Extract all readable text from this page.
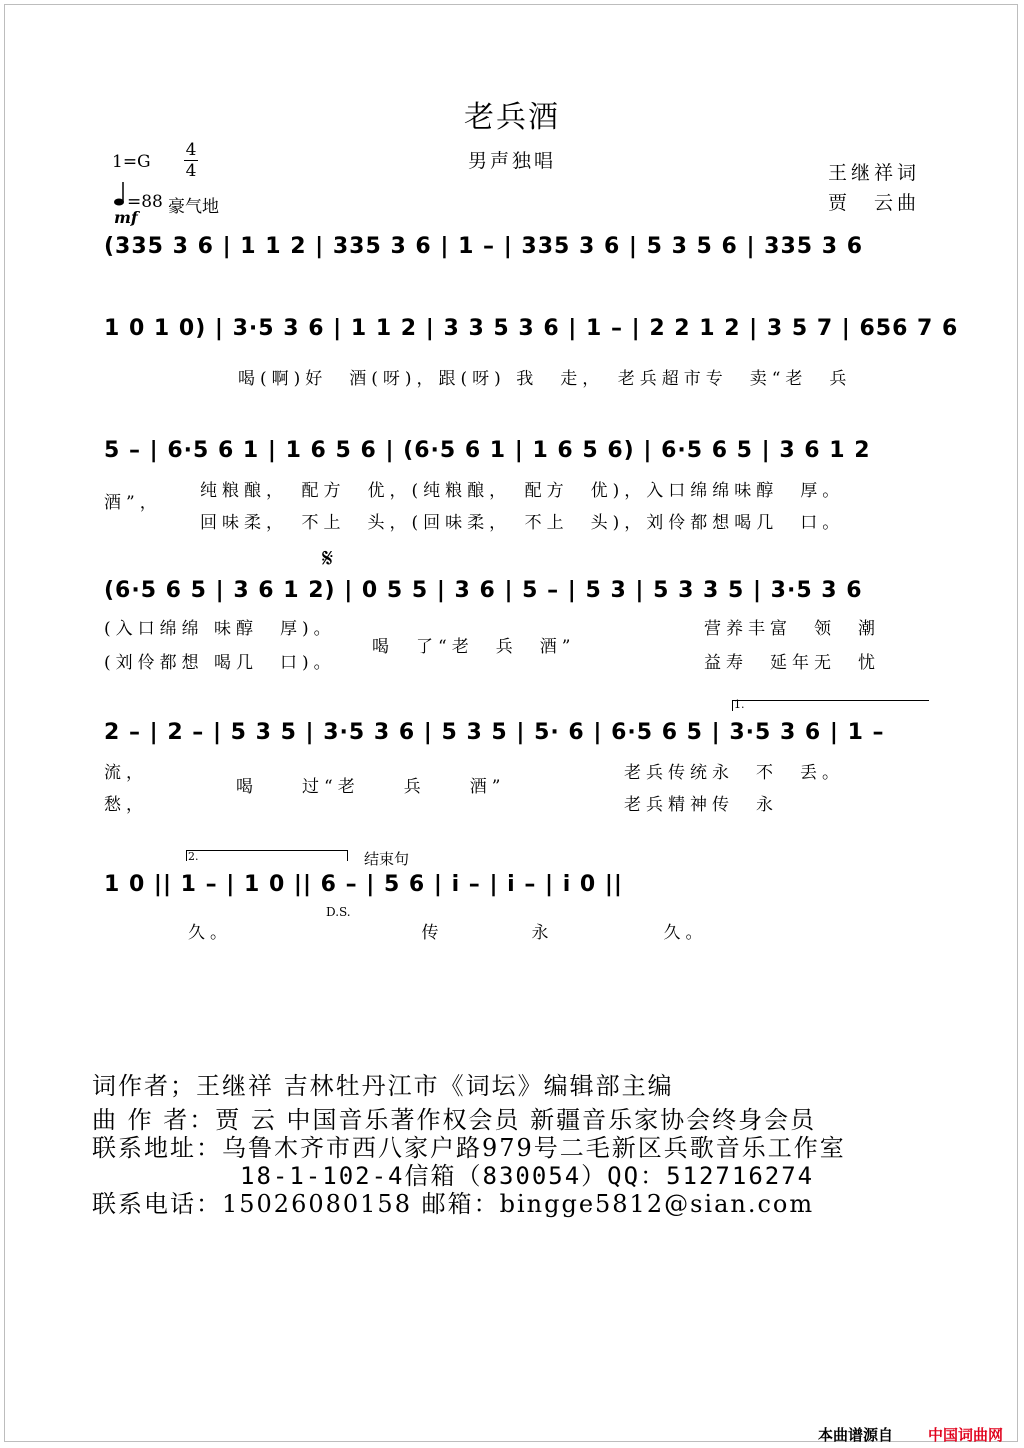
老兵酒
男声独唱
1=G
4
4
=88 豪气地
mf
王继祥词
贾　云曲
(335 3 6 | 1 1 2 | 335 3 6 | 1 – | 335 3 6 | 5 3 5 6 | 335 3 6
1 0 1 0) | 3·5 3 6 | 1 1 2 | 3 3 5 3 6 | 1 – | 2 2 1 2 | 3 5 7 | 656 7 6
喝(啊)好　酒(呀)，跟(呀) 我　走，　老兵超市专　卖“老　兵
5 – | 6·5 6 1 | 1 6 5 6 | (6·5 6 1 | 1 6 5 6) | 6·5 6 5 | 3 6 1 2
酒”，
纯粮酿，　配方　优，(纯粮酿，　配方　优)，入口绵绵味醇　厚。
回味柔，　不上　头，(回味柔，　不上　头)，刘伶都想喝几　口。
𝄋
(6·5 6 5 | 3 6 1 2) | 0 5 5 | 3 6 | 5 – | 5 3 | 5 3 3 5 | 3·5 3 6
(入口绵绵 味醇　厚)。
(刘伶都想 喝几　口)。
喝　了“老　兵　酒”
营养丰富　领　潮
益寿　延年无　忧
1.
2 – | 2 – | 5 3 5 | 3·5 3 6 | 5 3 5 | 5· 6 | 6·5 6 5 | 3·5 3 6 | 1 –
流，
愁，
喝　　过“老　　兵　　酒”
老兵传统永　不　丢。
老兵精神传　永
2.	结束句
1 0 || 1 – | 1 0 || 6 – | 5 6 | i – | i – | i 0 ||
D.S.
久。　　　　　　　　　传　　　　永　　　　　久。
词作者；王继祥 吉林牡丹江市《词坛》编辑部主编
曲 作 者：贾 云 中国音乐著作权会员 新疆音乐家协会终身会员
联系地址：乌鲁木齐市西八家户路979号二毛新区兵歌音乐工作室
18-1-102-4信箱（830054）QQ：512716274
联系电话：15026080158 邮箱：bingge5812@sian.com
本曲谱源自 中国词曲网
